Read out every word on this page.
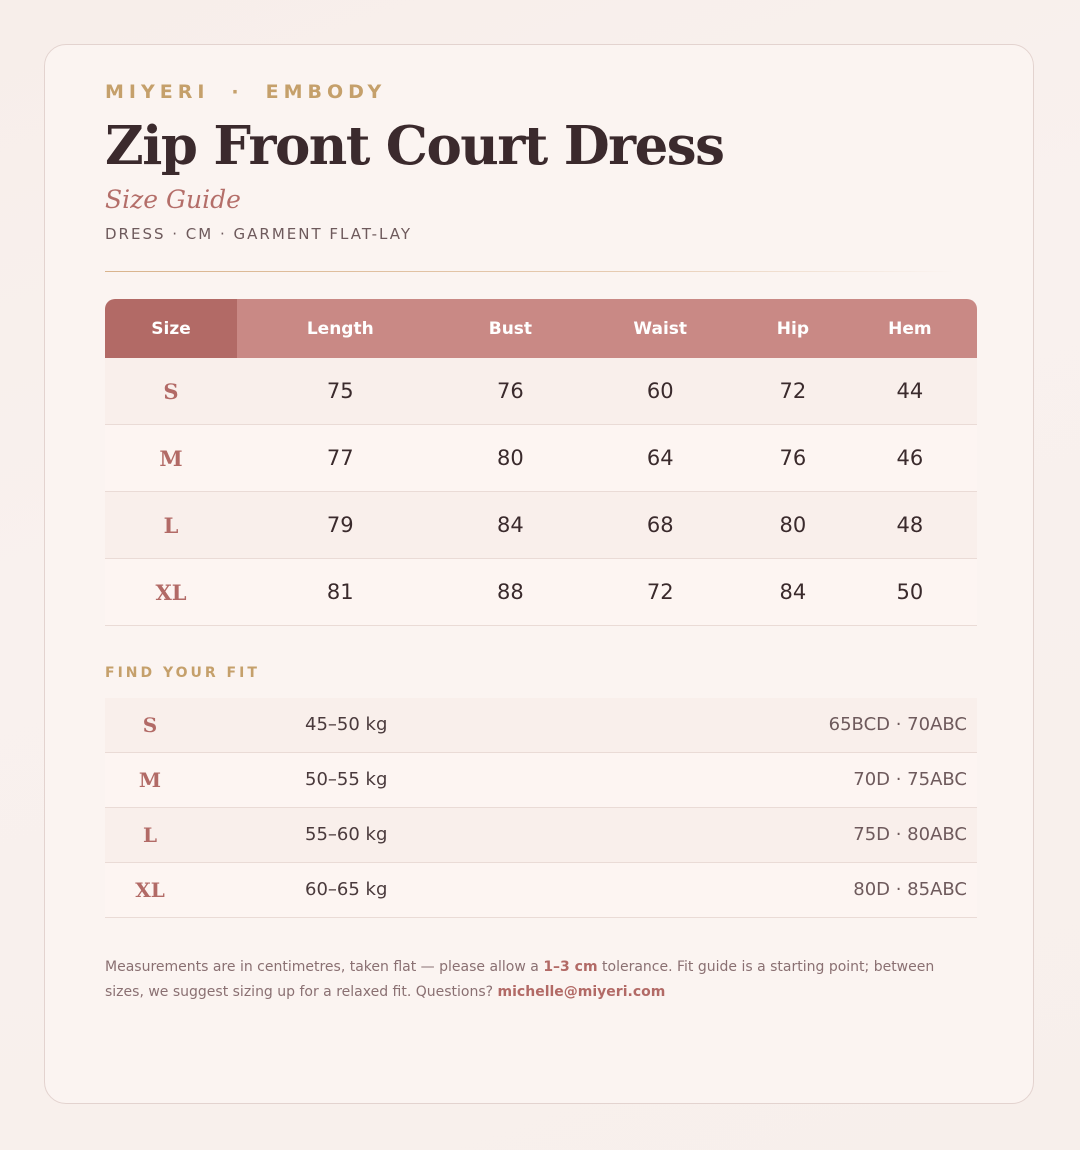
MIYERI · EMBODY
Zip Front Court Dress
Size Guide
DRESS · CM · GARMENT FLAT-LAY
Size	Length	Bust	Waist	Hip	Hem
S	75	76	60	72	44
M	77	80	64	76	46
L	79	84	68	80	48
XL	81	88	72	84	50
FIND YOUR FIT
S	45–50 kg	65BCD · 70ABC
M	50–55 kg	70D · 75ABC
L	55–60 kg	75D · 80ABC
XL	60–65 kg	80D · 85ABC
Measurements are in centimetres, taken flat — please allow a 1–3 cm tolerance. Fit guide is a starting point; between sizes, we suggest sizing up for a relaxed fit. Questions? michelle@miyeri.com
